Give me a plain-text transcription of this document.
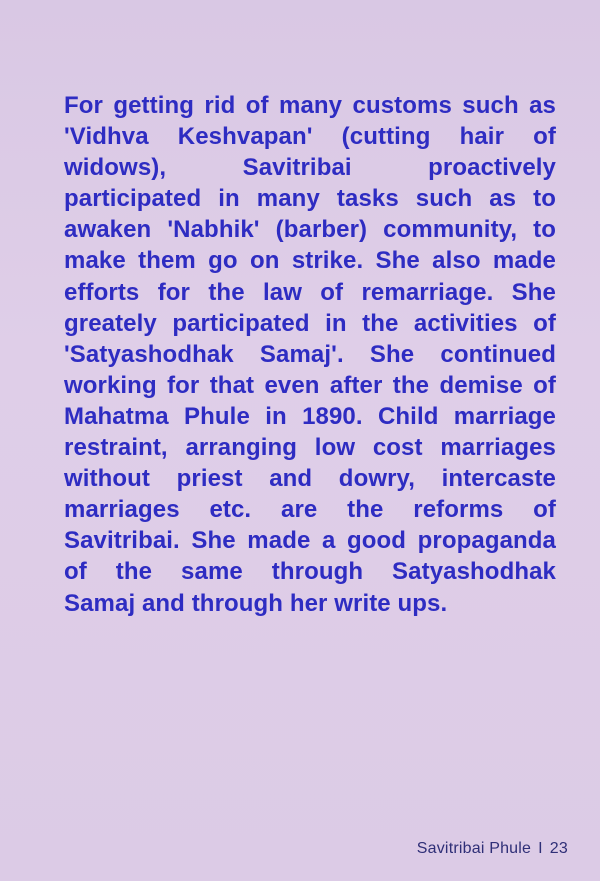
For getting rid of many customs such as
'Vidhva Keshvapan' (cutting hair of
widows), Savitribai proactively
participated in many tasks such as to
awaken 'Nabhik' (barber) community, to
make them go on strike. She also made
efforts for the law of remarriage. She
greately participated in the activities of
'Satyashodhak Samaj'. She continued
working for that even after the demise of
Mahatma Phule in 1890. Child marriage
restraint, arranging low cost marriages
without priest and dowry, intercaste
marriages etc. are the reforms of
Savitribai. She made a good propaganda
of the same through Satyashodhak
Samaj and through her write ups.
Savitribai Phule I 23
